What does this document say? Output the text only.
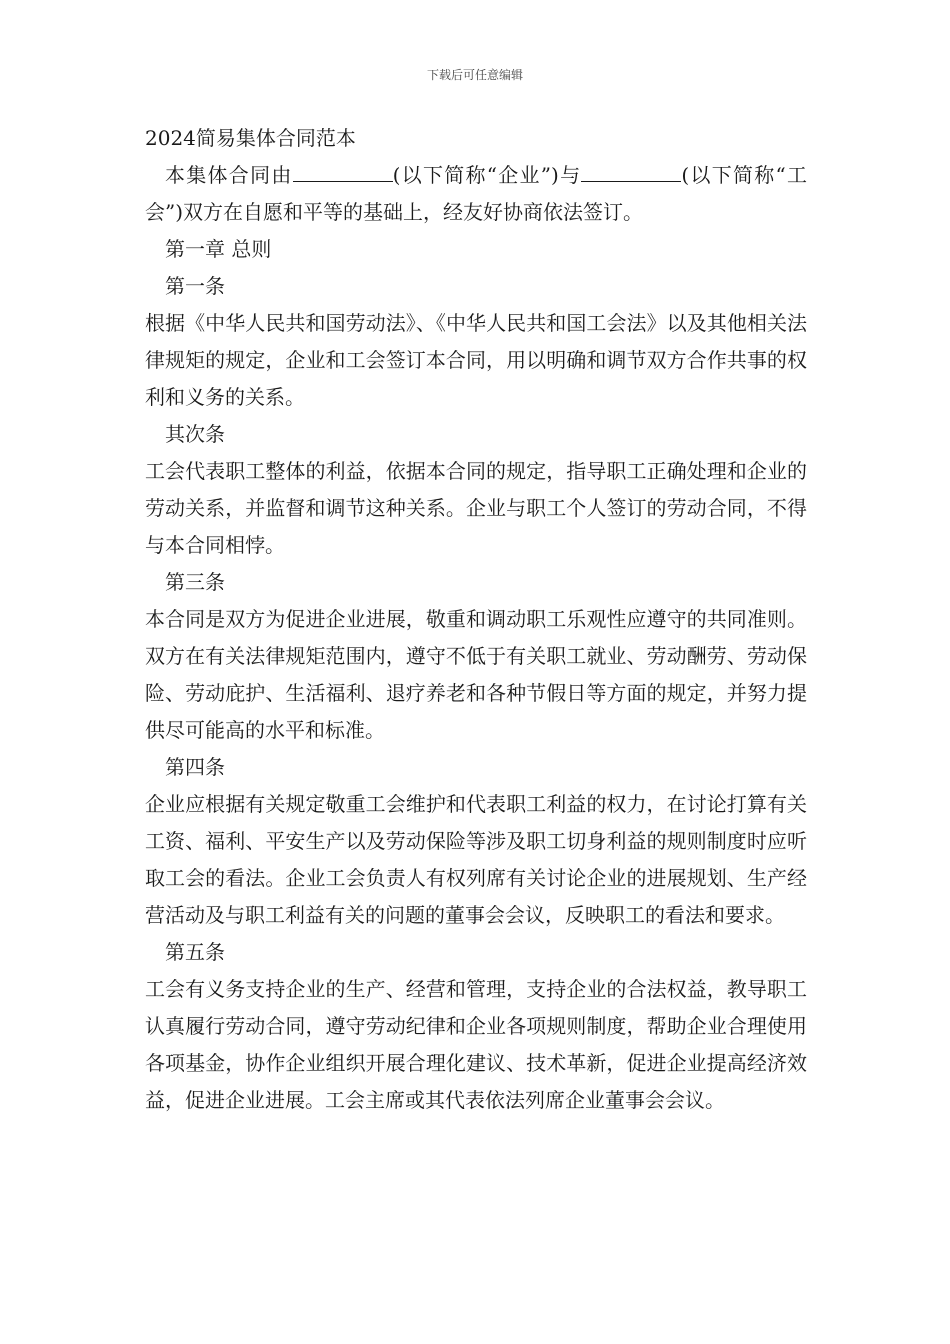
下载后可任意编辑

2024简易集体合同范本

本集体合同由	(以下简称“企业”)与	(以下简称“工会”)双方在自愿和平等的基础上，经友好协商依法签订。

第一章 总则

第一条

根据《中华人民共和国劳动法》、《中华人民共和国工会法》以及其他相关法律规矩的规定，企业和工会签订本合同，用以明确和调节双方合作共事的权利和义务的关系。

其次条

工会代表职工整体的利益，依据本合同的规定，指导职工正确处理和企业的劳动关系，并监督和调节这种关系。企业与职工个人签订的劳动合同，不得与本合同相悖。

第三条

本合同是双方为促进企业进展，敬重和调动职工乐观性应遵守的共同准则。双方在有关法律规矩范围内，遵守不低于有关职工就业、劳动酬劳、劳动保险、劳动庇护、生活福利、退疗养老和各种节假日等方面的规定，并努力提供尽可能高的水平和标准。

第四条

企业应根据有关规定敬重工会维护和代表职工利益的权力，在讨论打算有关工资、福利、平安生产以及劳动保险等涉及职工切身利益的规则制度时应听取工会的看法。企业工会负责人有权列席有关讨论企业的进展规划、生产经营活动及与职工利益有关的问题的董事会会议，反映职工的看法和要求。

第五条

工会有义务支持企业的生产、经营和管理，支持企业的合法权益，教导职工认真履行劳动合同，遵守劳动纪律和企业各项规则制度，帮助企业合理使用各项基金，协作企业组织开展合理化建议、技术革新，促进企业提高经济效益，促进企业进展。工会主席或其代表依法列席企业董事会会议。
